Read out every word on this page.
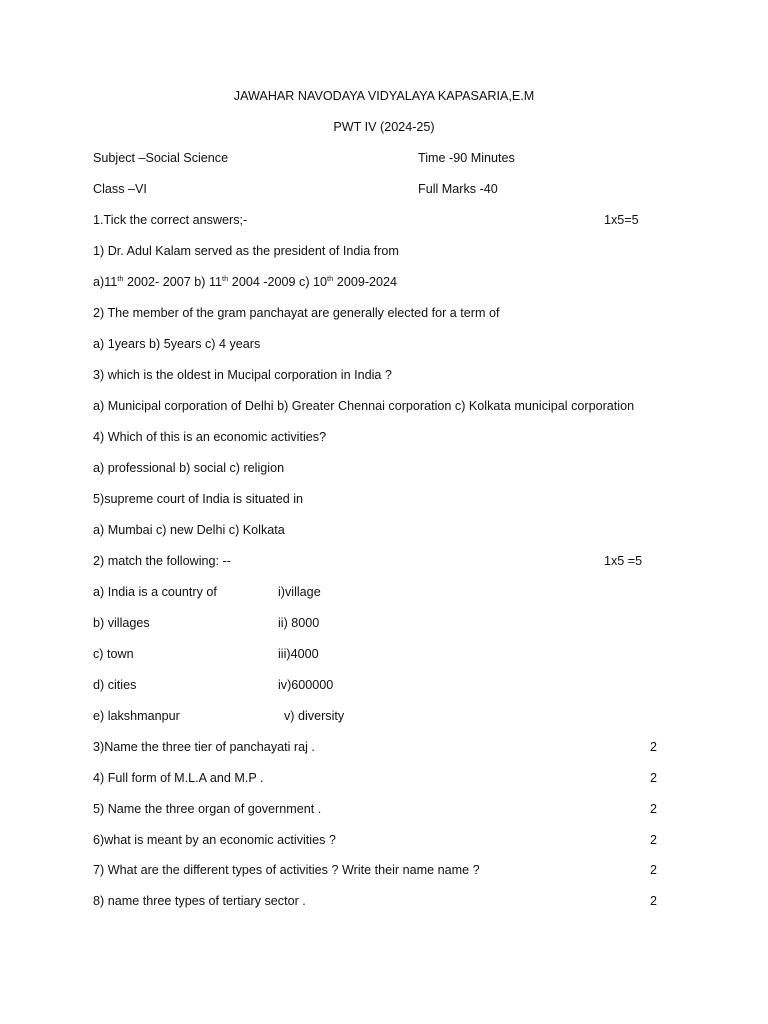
JAWAHAR NAVODAYA VIDYALAYA KAPASARIA,E.M
PWT IV (2024-25)
Subject –Social Science	Time -90 Minutes
Class –VI	Full Marks -40
1.Tick the correct answers;-	1x5=5
1) Dr. Adul Kalam served as the president of India from
a)11th 2002- 2007 b) 11th 2004 -2009 c) 10th 2009-2024
2) The member of the gram panchayat are generally elected for a term of
a) 1years b) 5years c) 4 years
3) which is the oldest in Mucipal corporation in India ?
a) Municipal corporation of Delhi b) Greater Chennai corporation c) Kolkata municipal corporation
4) Which of this is an economic activities?
a) professional b) social c) religion
5)supreme court of India is situated in
a) Mumbai c) new Delhi c) Kolkata
2) match the following: --	1x5 =5
a) India is a country of	i)village
b) villages	ii) 8000
c) town	iii)4000
d) cities	iv)600000
e) lakshmanpur	v) diversity
3)Name the three tier of panchayati raj .	2
4) Full form of M.L.A and M.P .	2
5) Name the three organ of government .	2
6)what is meant by an economic activities ?	2
7) What are the different types of activities ? Write their name name ?	2
8) name three types of tertiary sector .	2
